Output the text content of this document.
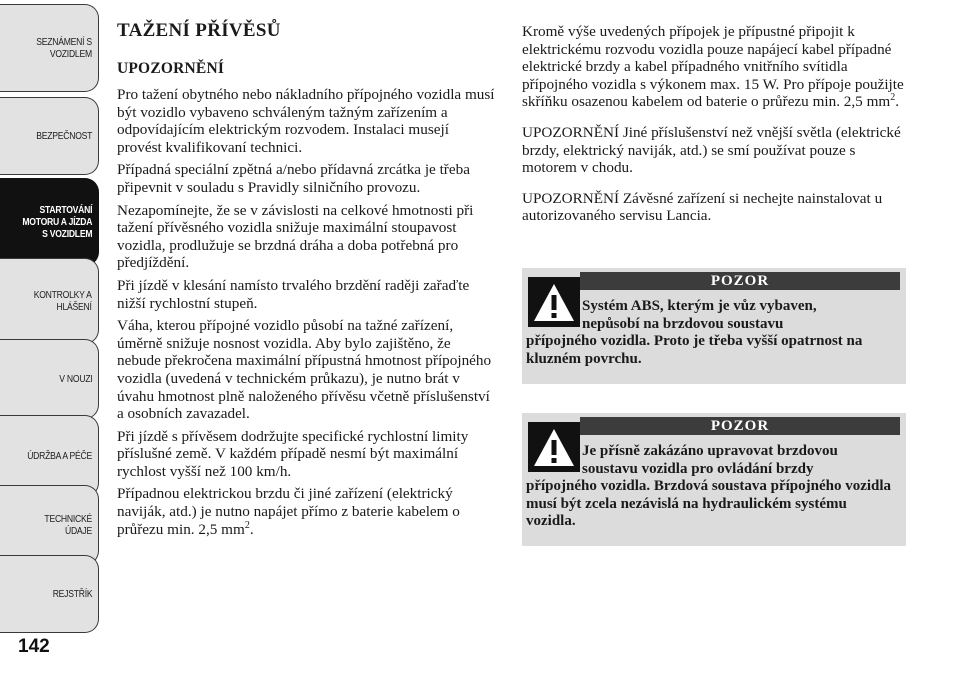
SEZNÁMENÍ S
VOZIDLEM
BEZPEČNOST
STARTOVÁNÍ
MOTORU A JÍZDA
S VOZIDLEM
KONTROLKY A
HLÁŠENÍ
V NOUZI
ÚDRŽBA A PÉČE
TECHNICKÉ
ÚDAJE
REJSTŘÍK
142
TAŽENÍ PŘÍVĚSŮ
UPOZORNĚNÍ

Pro tažení obytného nebo nákladního přípojného vozidla musí být vozidlo vybaveno schváleným tažným zařízením a odpovídajícím elektrickým rozvodem. Instalaci musejí provést kvalifikovaní technici.

Případná speciální zpětná a/nebo přídavná zrcátka je třeba připevnit v souladu s Pravidly silničního provozu.

Nezapomínejte, že se v závislosti na celkové hmotnosti při tažení přívěsného vozidla snižuje maximální stoupavost vozidla, prodlužuje se brzdná dráha a doba potřebná pro předjíždění.

Při jízdě v klesání namísto trvalého brzdění raději zařaďte nižší rychlostní stupeň.

Váha, kterou přípojné vozidlo působí na tažné zařízení, úměrně snižuje nosnost vozidla. Aby bylo zajištěno, že nebude překročena maximální přípustná hmotnost přípojného vozidla (uvedená v technickém průkazu), je nutno brát v úvahu hmotnost plně naloženého přívěsu včetně příslušenství a osobních zavazadel.

Při jízdě s přívěsem dodržujte specifické rychlostní limity příslušné země. V každém případě nesmí být maximální rychlost vyšší než 100 km/h.

Případnou elektrickou brzdu či jiné zařízení (elektrický naviják, atd.) je nutno napájet přímo z baterie kabelem o průřezu min. 2,5 $mm^2$.

Kromě výše uvedených přípojek je přípustné připojit k elektrickému rozvodu vozidla pouze napájecí kabel případné elektrické brzdy a kabel případného vnitřního svítidla přípojného vozidla s výkonem max. 15 W. Pro přípoje použijte skříňku osazenou kabelem od baterie o průřezu min. 2,5 $mm^2$.

UPOZORNĚNÍ Jiné příslušenství než vnější světla (elektrické brzdy, elektrický naviják, atd.) se smí používat pouze s motorem v chodu.

UPOZORNĚNÍ Závěsné zařízení si nechejte nainstalovat u autorizovaného servisu Lancia.

POZOR
Systém ABS, kterým je vůz vybaven,
nepůsobí na brzdovou soustavu
přípojného vozidla. Proto je třeba vyšší opatrnost na kluzném povrchu.
POZOR
Je přísně zakázáno upravovat brzdovou
soustavu vozidla pro ovládání brzdy
přípojného vozidla. Brzdová soustava přípojného vozidla musí být zcela nezávislá na hydraulickém systému vozidla.
